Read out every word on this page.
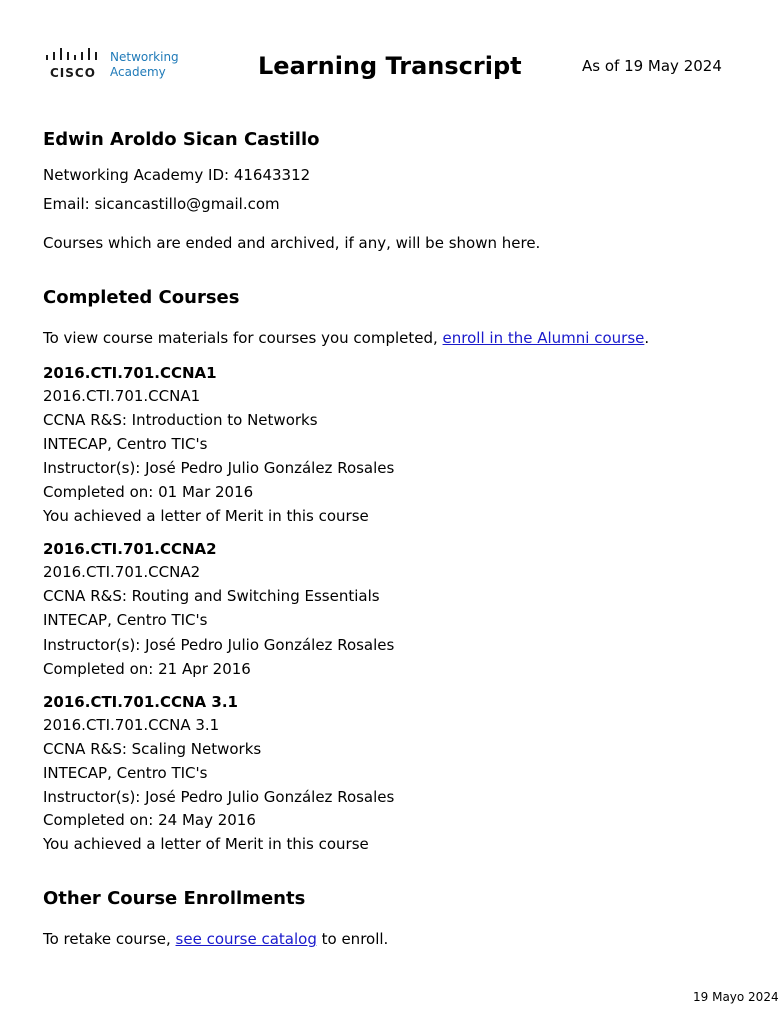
CISCO
Networking
Academy	Learning Transcript	As of 19 May 2024
Edwin Aroldo Sican Castillo
Networking Academy ID: 41643312
Email: sicancastillo@gmail.com
Courses which are ended and archived, if any, will be shown here.
Completed Courses
To view course materials for courses you completed, enroll in the Alumni course.
2016.CTI.701.CCNA1
2016.CTI.701.CCNA1
CCNA R&S: Introduction to Networks
INTECAP, Centro TIC's
Instructor(s): José Pedro Julio González Rosales
Completed on: 01 Mar 2016
You achieved a letter of Merit in this course
2016.CTI.701.CCNA2
2016.CTI.701.CCNA2
CCNA R&S: Routing and Switching Essentials
INTECAP, Centro TIC's
Instructor(s): José Pedro Julio González Rosales
Completed on: 21 Apr 2016
2016.CTI.701.CCNA 3.1
2016.CTI.701.CCNA 3.1
CCNA R&S: Scaling Networks
INTECAP, Centro TIC's
Instructor(s): José Pedro Julio González Rosales
Completed on: 24 May 2016
You achieved a letter of Merit in this course
Other Course Enrollments
To retake course, see course catalog to enroll.
19 Mayo 2024
